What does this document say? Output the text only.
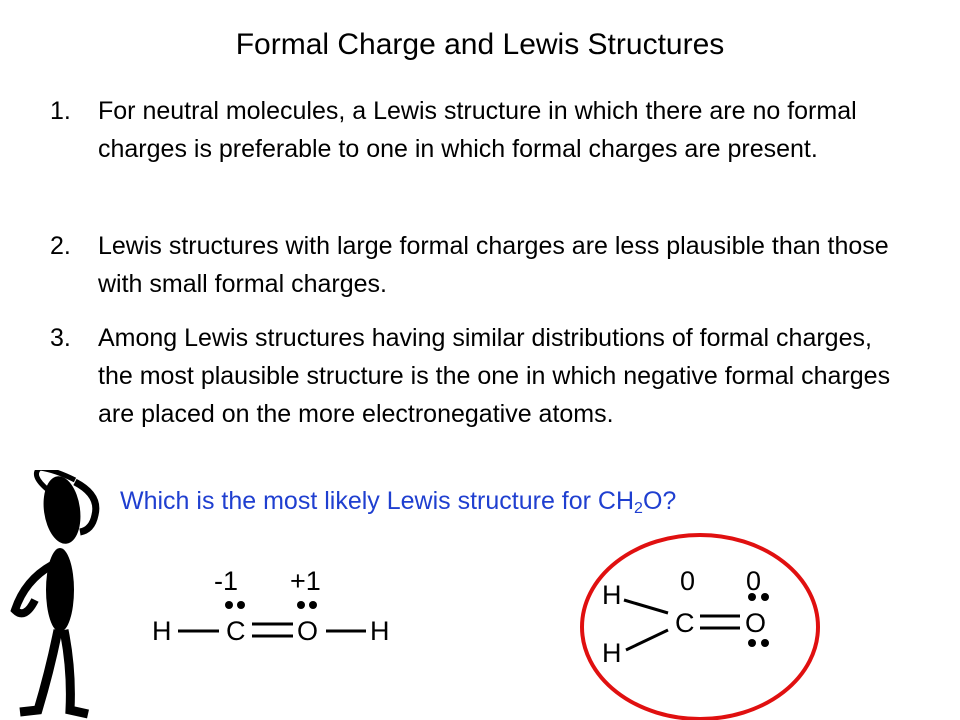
Formal Charge and Lewis Structures
1. For neutral molecules, a Lewis structure in which there are no formal charges is preferable to one in which formal charges are present.
2. Lewis structures with large formal charges are less plausible than those with small formal charges.
3. Among Lewis structures having similar distributions of formal charges, the most plausible structure is the one in which negative formal charges are placed on the more electronegative atoms.
Which is the most likely Lewis structure for $CH_2O$?
-1 +1
H C O H
0 0
H
H
C O
